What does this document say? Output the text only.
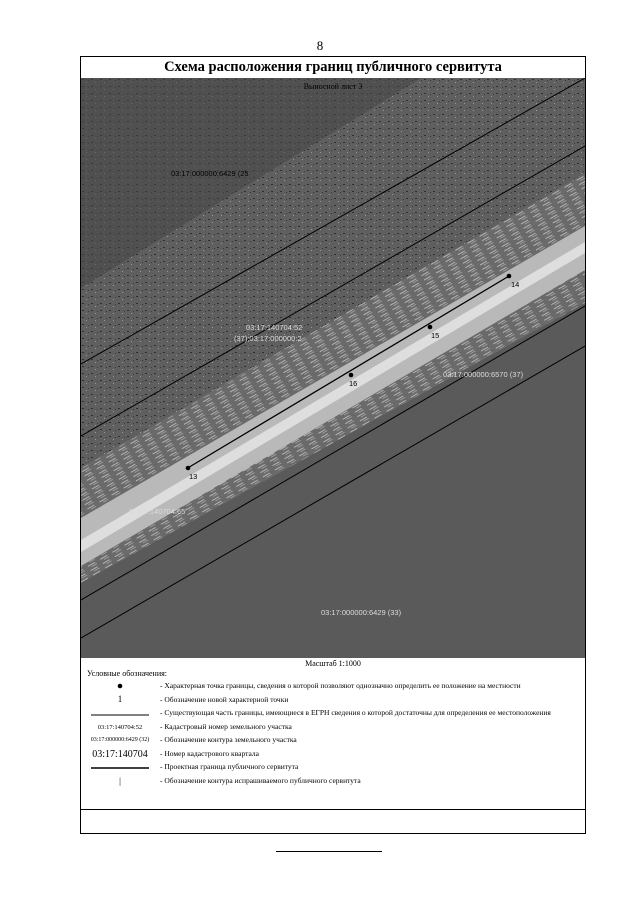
8
Схема расположения границ публичного сервитута
03:17:000000:6429 (25
03:17:140704:52
(37):03:17:000000:2
03:17:000000:6570 (37)
03:17:140704:65
03:17:000000:6429 (33)
13
16
15
14
Выносной лист 3
Масштаб 1:1000
Условные обозначения:
- Характерная точка границы, сведения о которой позволяют однозначно определить ее положение на местности
1	- Обозначение новой характерной точки
- Существующая часть границы, имеющиеся в ЕГРН сведения о которой достаточны для определения ее местоположения
03:17:140704:52	- Кадастровый номер земельного участка
03:17:000000:6429 (32)	- Обозначение контура земельного участка
03:17:140704	- Номер кадастрового квартала
- Проектная граница публичного сервитута
|	- Обозначение контура испрашиваемого публичного сервитута
